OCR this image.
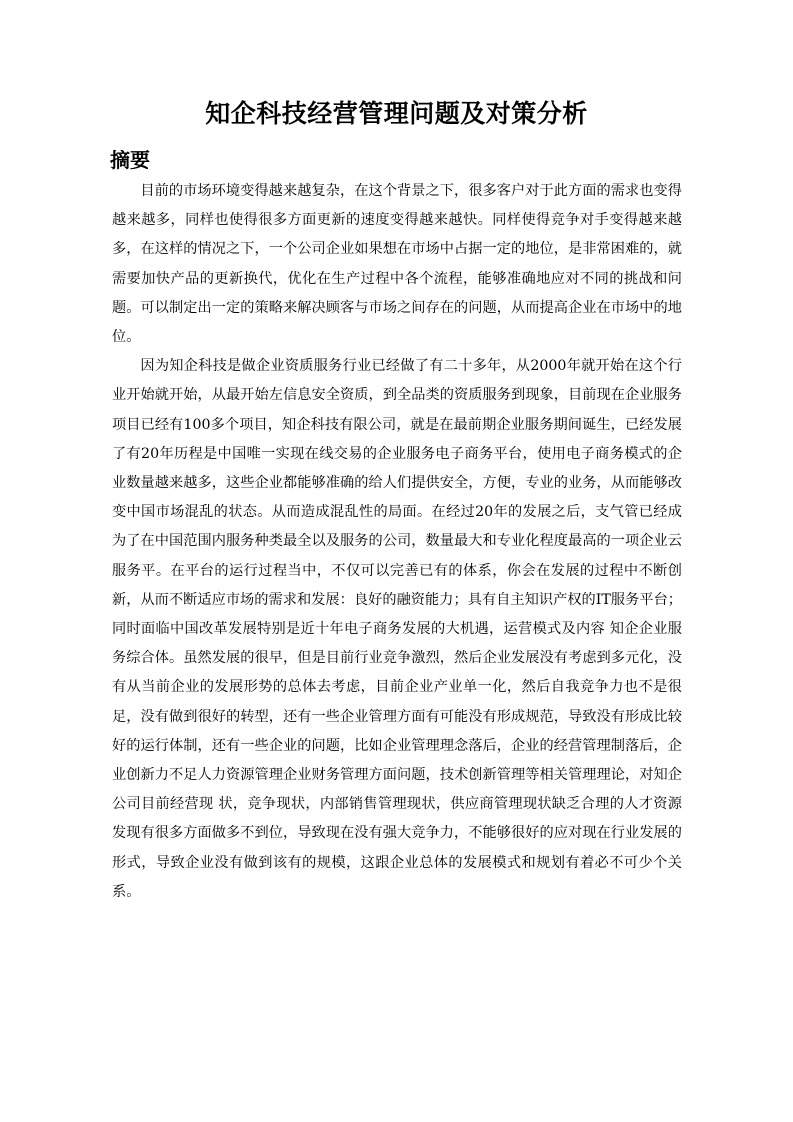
知企科技经营管理问题及对策分析
摘要

目前的市场环境变得越来越复杂，在这个背景之下，很多客户对于此方面的需求也变得越来越多，同样也使得很多方面更新的速度变得越来越快。同样使得竞争对手变得越来越多，在这样的情况之下，一个公司企业如果想在市场中占据一定的地位，是非常困难的，就需要加快产品的更新换代，优化在生产过程中各个流程，能够准确地应对不同的挑战和问题。可以制定出一定的策略来解决顾客与市场之间存在的问题，从而提高企业在市场中的地位。

因为知企科技是做企业资质服务行业已经做了有二十多年，从2000年就开始在这个行业开始就开始，从最开始左信息安全资质，到全品类的资质服务到现象，目前现在企业服务项目已经有100多个项目，知企科技有限公司，就是在最前期企业服务期间诞生，已经发展了有20年历程是中国唯一实现在线交易的企业服务电子商务平台，使用电子商务模式的企业数量越来越多，这些企业都能够准确的给人们提供安全，方便，专业的业务，从而能够改变中国市场混乱的状态。从而造成混乱性的局面。在经过20年的发展之后，支气管已经成为了在中国范围内服务种类最全以及服务的公司，数量最大和专业化程度最高的一项企业云服务平。在平台的运行过程当中，不仅可以完善已有的体系，你会在发展的过程中不断创新，从而不断适应市场的需求和发展：良好的融资能力；具有自主知识产权的IT服务平台；同时面临中国改革发展特别是近十年电子商务发展的大机遇，运营模式及内容 知企企业服务综合体。虽然发展的很早，但是目前行业竞争激烈，然后企业发展没有考虑到多元化，没有从当前企业的发展形势的总体去考虑，目前企业产业单一化，然后自我竞争力也不是很足，没有做到很好的转型，还有一些企业管理方面有可能没有形成规范，导致没有形成比较好的运行体制，还有一些企业的问题，比如企业管理理念落后，企业的经营管理制落后，企业创新力不足人力资源管理企业财务管理方面问题，技术创新管理等相关管理理论，对知企公司目前经营现 状，竞争现状，内部销售管理现状，供应商管理现状缺乏合理的人才资源发现有很多方面做多不到位，导致现在没有强大竞争力，不能够很好的应对现在行业发展的形式，导致企业没有做到该有的规模，这跟企业总体的发展模式和规划有着必不可少个关系。
